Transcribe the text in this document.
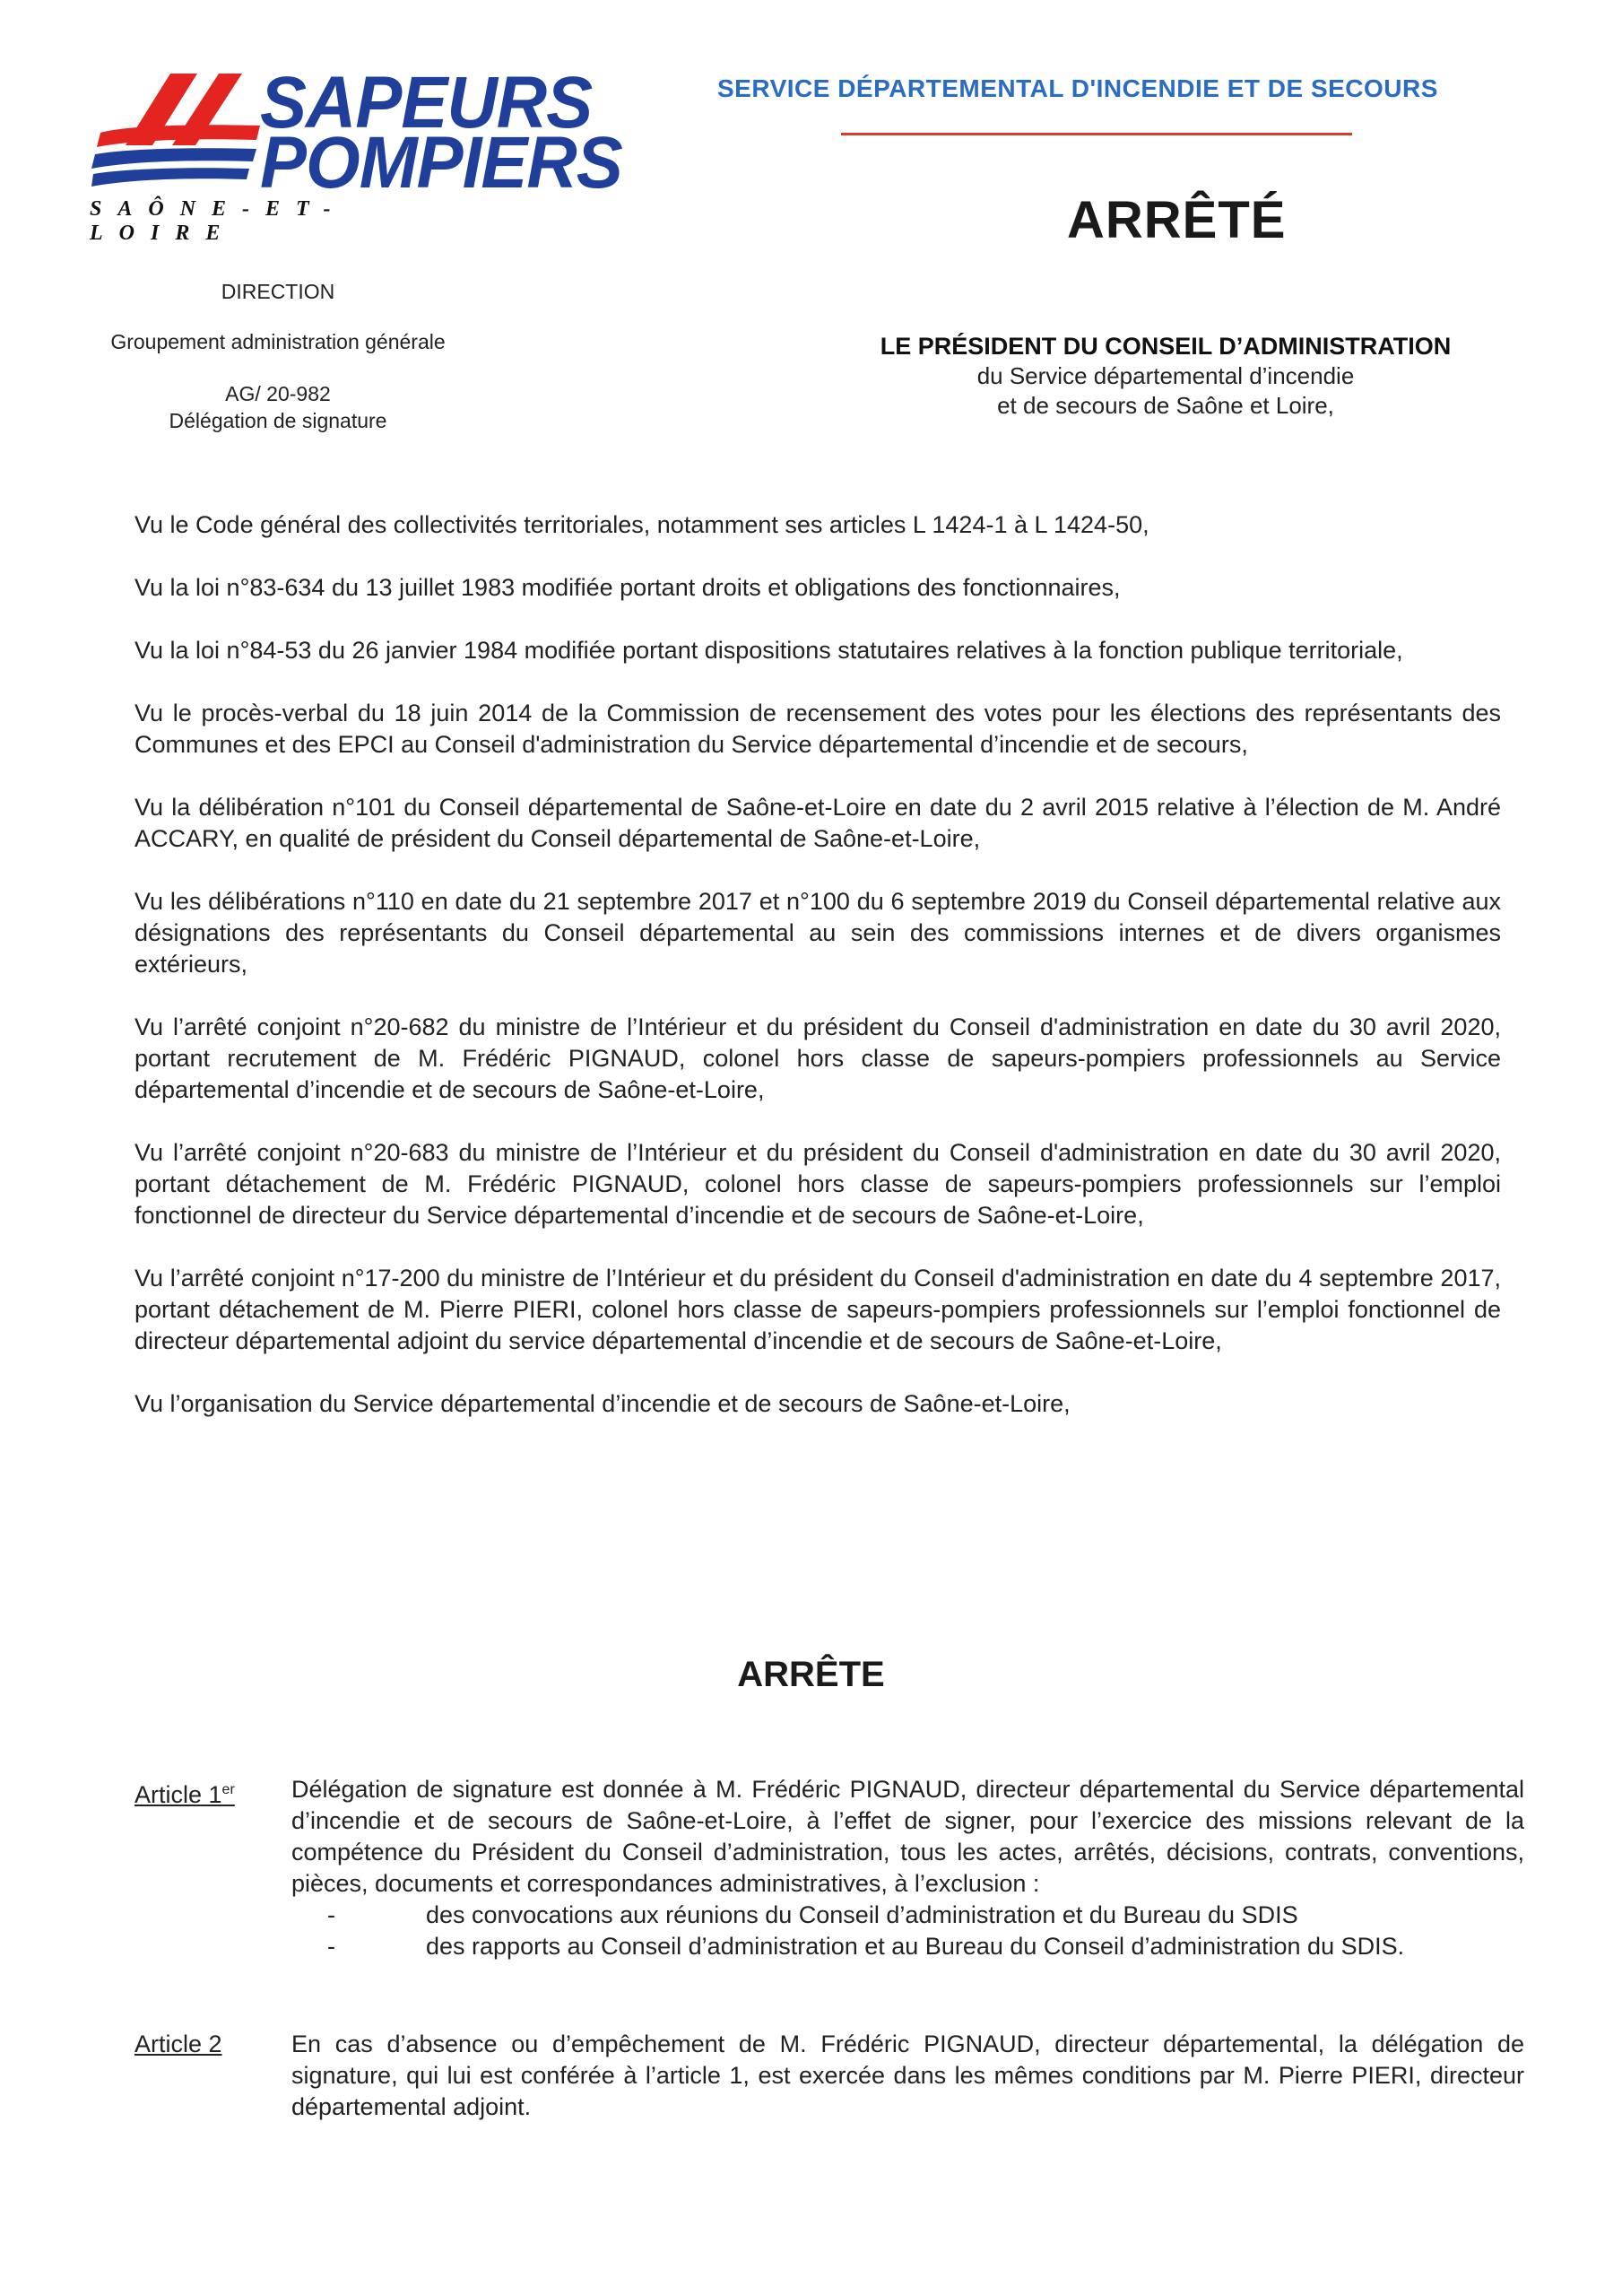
SAPEURS
POMPIERS
SAÔNE-ET-LOIRE
SERVICE DÉPARTEMENTAL D'INCENDIE ET DE SECOURS
ARRÊTÉ
DIRECTION
Groupement administration générale
AG/ 20-982
Délégation de signature
LE PRÉSIDENT DU CONSEIL D’ADMINISTRATION
du Service départemental d’incendie
et de secours de Saône et Loire,

Vu le Code général des collectivités territoriales, notamment ses articles L 1424-1 à L 1424-50,

Vu la loi n°83-634 du 13 juillet 1983 modifiée portant droits et obligations des fonctionnaires,

Vu la loi n°84-53 du 26 janvier 1984 modifiée portant dispositions statutaires relatives à la fonction publique territoriale,

Vu le procès-verbal du 18 juin 2014 de la Commission de recensement des votes pour les élections des représentants des Communes et des EPCI au Conseil d'administration du Service départemental d’incendie et de secours,

Vu la délibération n°101 du Conseil départemental de Saône-et-Loire en date du 2 avril 2015 relative à l’élection de M. André ACCARY, en qualité de président du Conseil départemental de Saône-et-Loire,

Vu les délibérations n°110 en date du 21 septembre 2017 et n°100 du 6 septembre 2019 du Conseil départemental relative aux désignations des représentants du Conseil départemental au sein des commissions internes et de divers organismes extérieurs,

Vu l’arrêté conjoint n°20-682 du ministre de l’Intérieur et du président du Conseil d'administration en date du 30 avril 2020, portant recrutement de M. Frédéric PIGNAUD, colonel hors classe de sapeurs-pompiers professionnels au Service départemental d’incendie et de secours de Saône-et-Loire,

Vu l’arrêté conjoint n°20-683 du ministre de l’Intérieur et du président du Conseil d'administration en date du 30 avril 2020, portant détachement de M. Frédéric PIGNAUD, colonel hors classe de sapeurs-pompiers professionnels sur l’emploi fonctionnel de directeur du Service départemental d’incendie et de secours de Saône-et-Loire,

Vu l’arrêté conjoint n°17-200 du ministre de l’Intérieur et du président du Conseil d'administration en date du 4 septembre 2017, portant détachement de M. Pierre PIERI, colonel hors classe de sapeurs-pompiers professionnels sur l’emploi fonctionnel de directeur départemental adjoint du service départemental d’incendie et de secours de Saône-et-Loire,

Vu l’organisation du Service départemental d’incendie et de secours de Saône-et-Loire,

ARRÊTE
Article 1er Délégation de signature est donnée à M. Frédéric PIGNAUD, directeur départemental du Service départemental d’incendie et de secours de Saône-et-Loire, à l’effet de signer, pour l’exercice des missions relevant de la compétence du Président du Conseil d’administration, tous les actes, arrêtés, décisions, contrats, conventions, pièces, documents et correspondances administratives, à l’exclusion :
-	des convocations aux réunions du Conseil d’administration et du Bureau du SDIS
-	des rapports au Conseil d’administration et au Bureau du Conseil d’administration du SDIS.
Article 2	En cas d’absence ou d’empêchement de M. Frédéric PIGNAUD, directeur départemental, la délégation de signature, qui lui est conférée à l’article 1, est exercée dans les mêmes conditions par M. Pierre PIERI, directeur départemental adjoint.
